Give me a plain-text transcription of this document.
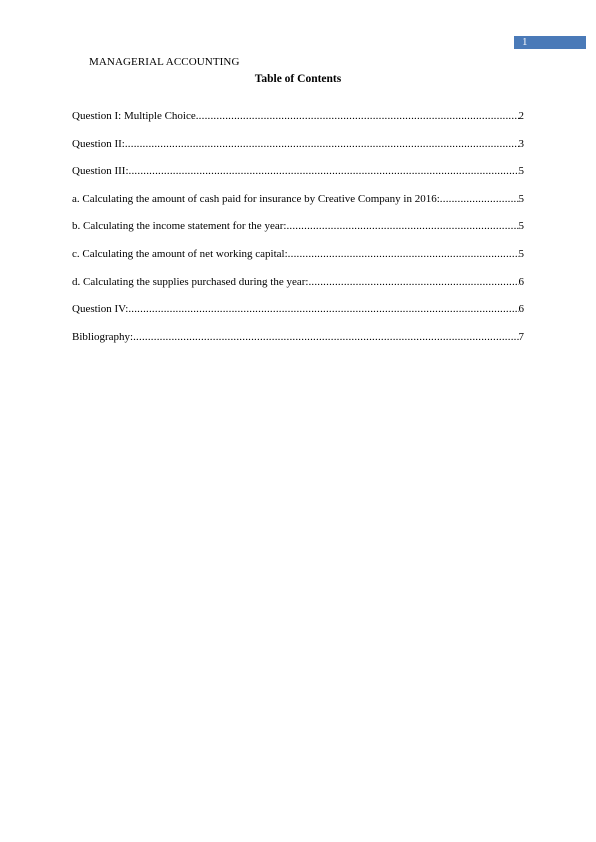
1
MANAGERIAL ACCOUNTING
Table of Contents
Question I: Multiple Choice .....	2
Question II: .....	3
Question III: .....	5
a. Calculating the amount of cash paid for insurance by Creative Company in 2016: .....	5
b. Calculating the income statement for the year: .....	5
c. Calculating the amount of net working capital: .....	5
d. Calculating the supplies purchased during the year: .....	6
Question IV: .....	6
Bibliography: .....	7
